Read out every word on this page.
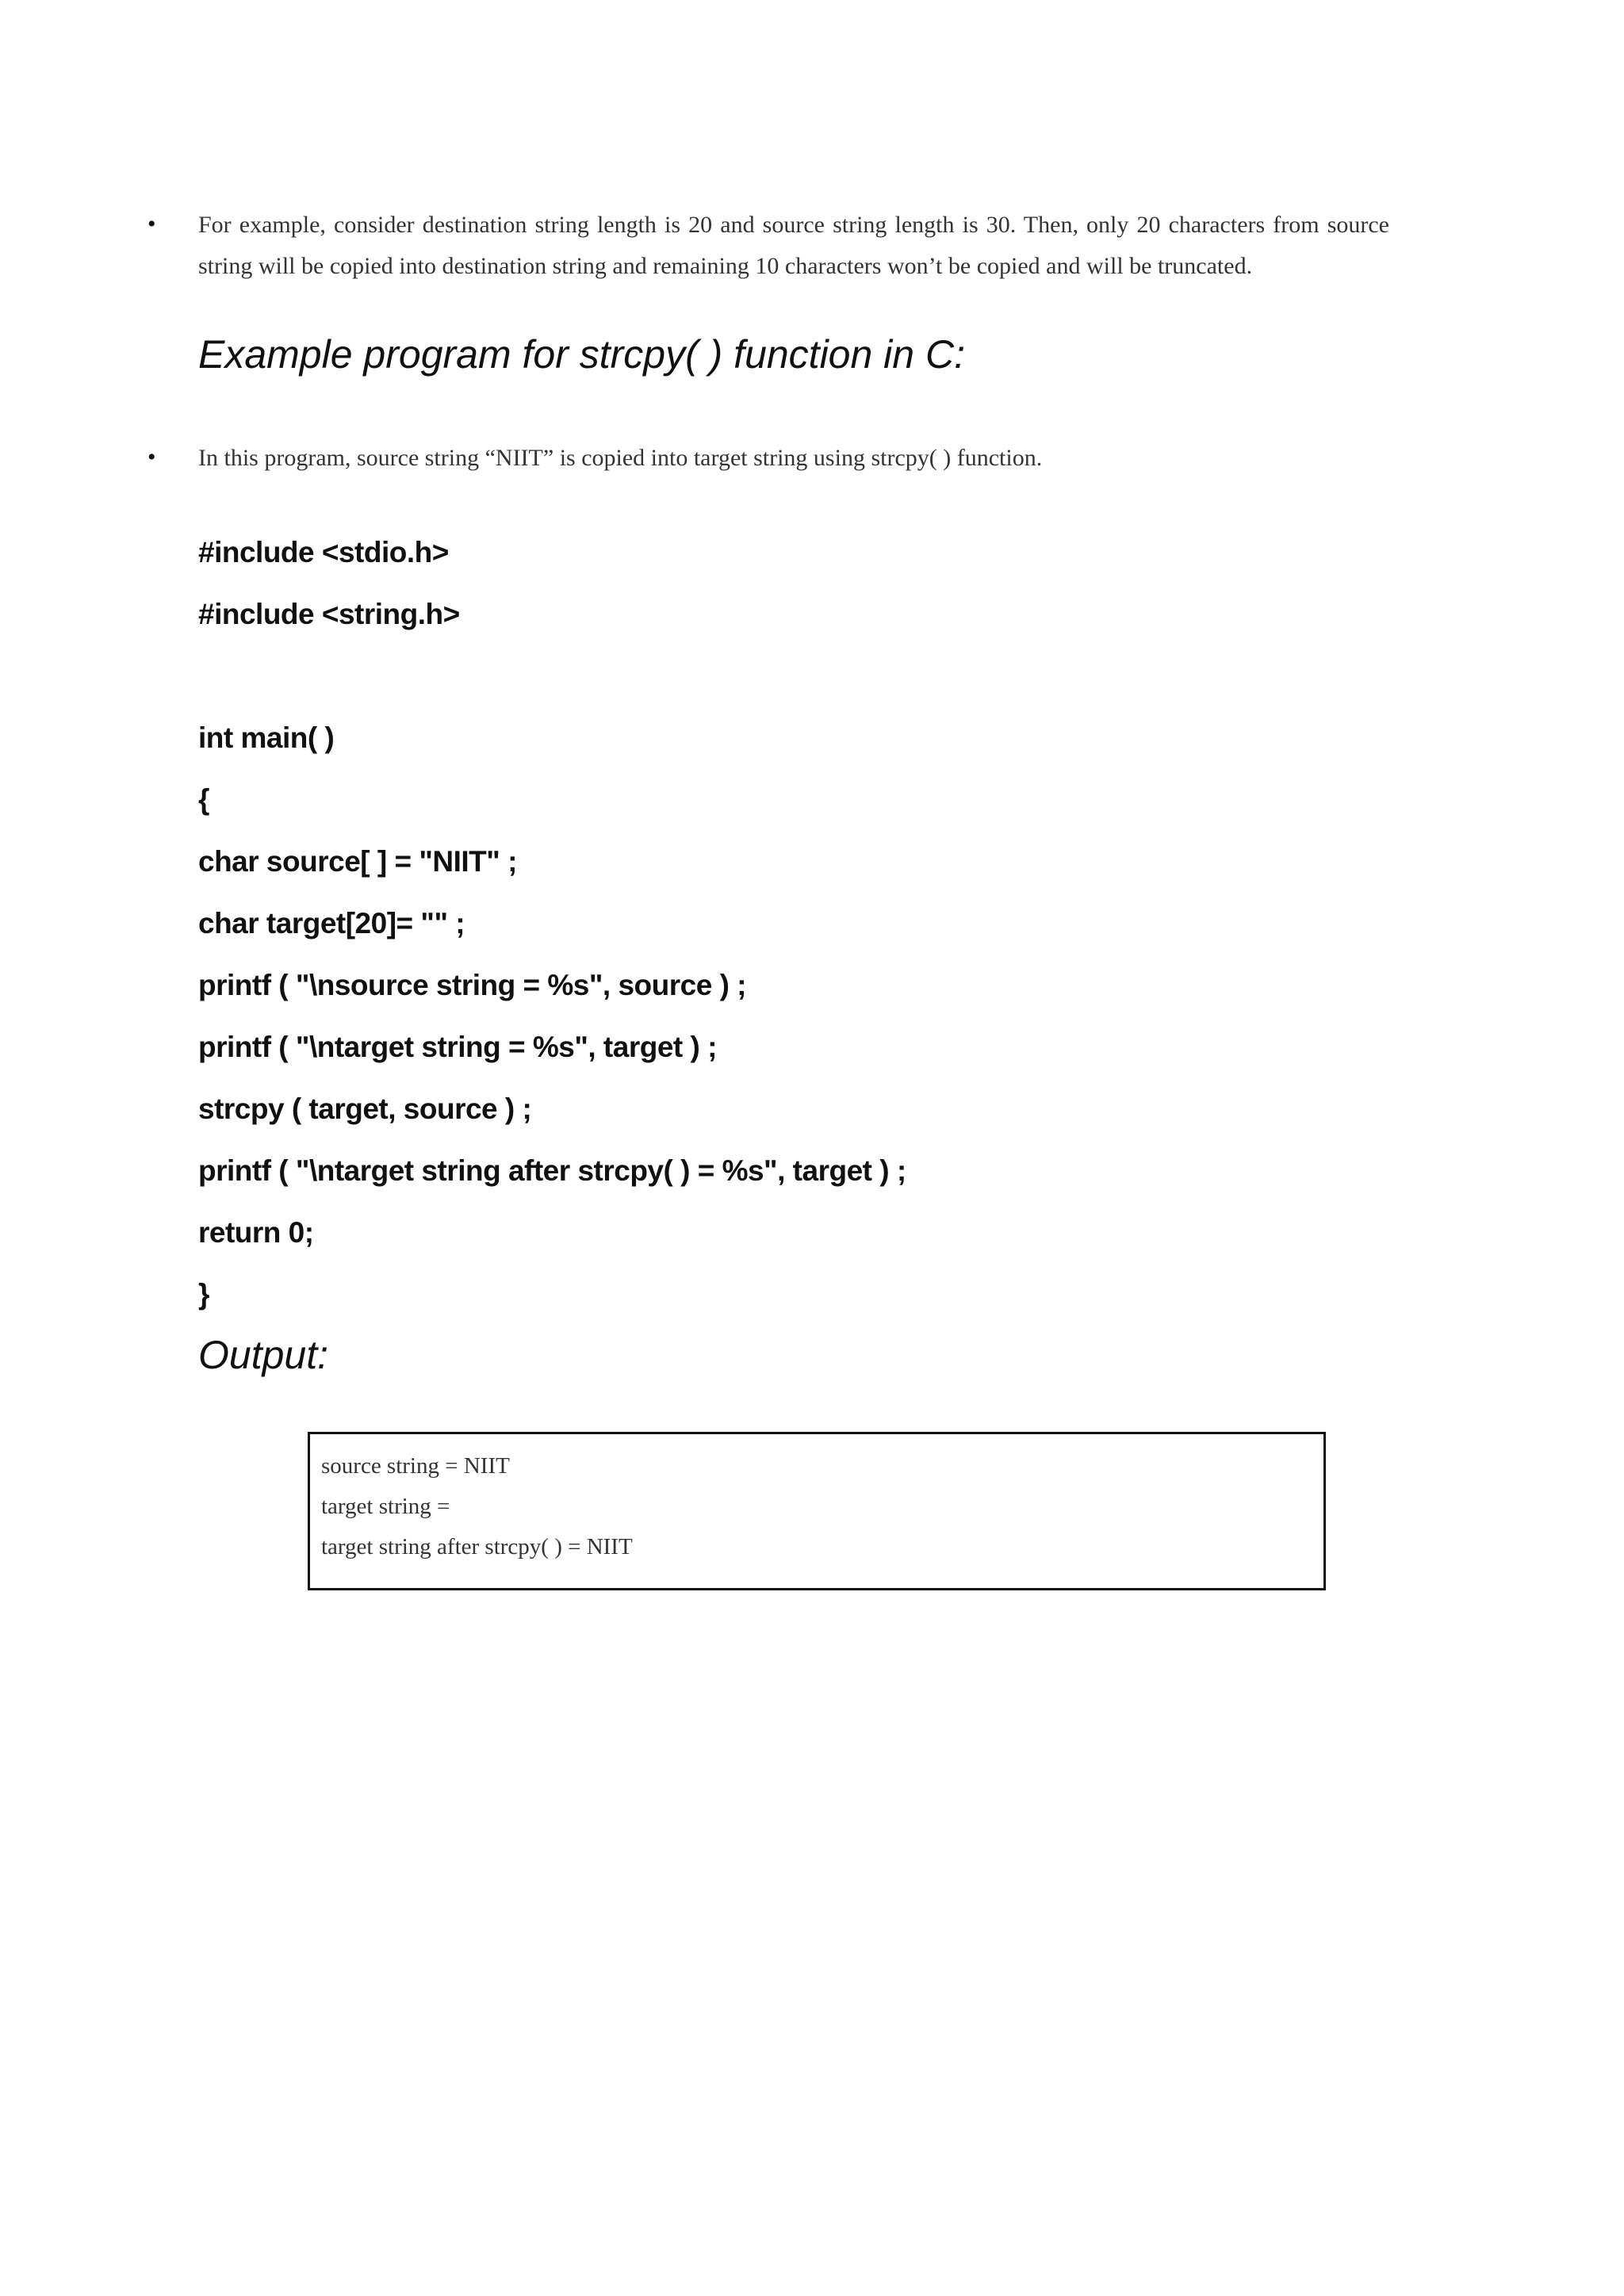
• For example, consider destination string length is 20 and source string length is 30. Then, only 20 characters from source string will be copied into destination string and remaining 10 characters won’t be copied and will be truncated.
Example program for strcpy( ) function in C:
• In this program, source string “NIIT” is copied into target string using strcpy( ) function.
#include <stdio.h>
#include <string.h>
int main( )
{
char source[ ] = "NIIT" ;
char target[20]= "" ;
printf ( "\nsource string = %s", source ) ;
printf ( "\ntarget string = %s", target ) ;
strcpy ( target, source ) ;
printf ( "\ntarget string after strcpy( ) = %s", target ) ;
return 0;
}
Output:
source string = NIIT
target string =
target string after strcpy( ) = NIIT
